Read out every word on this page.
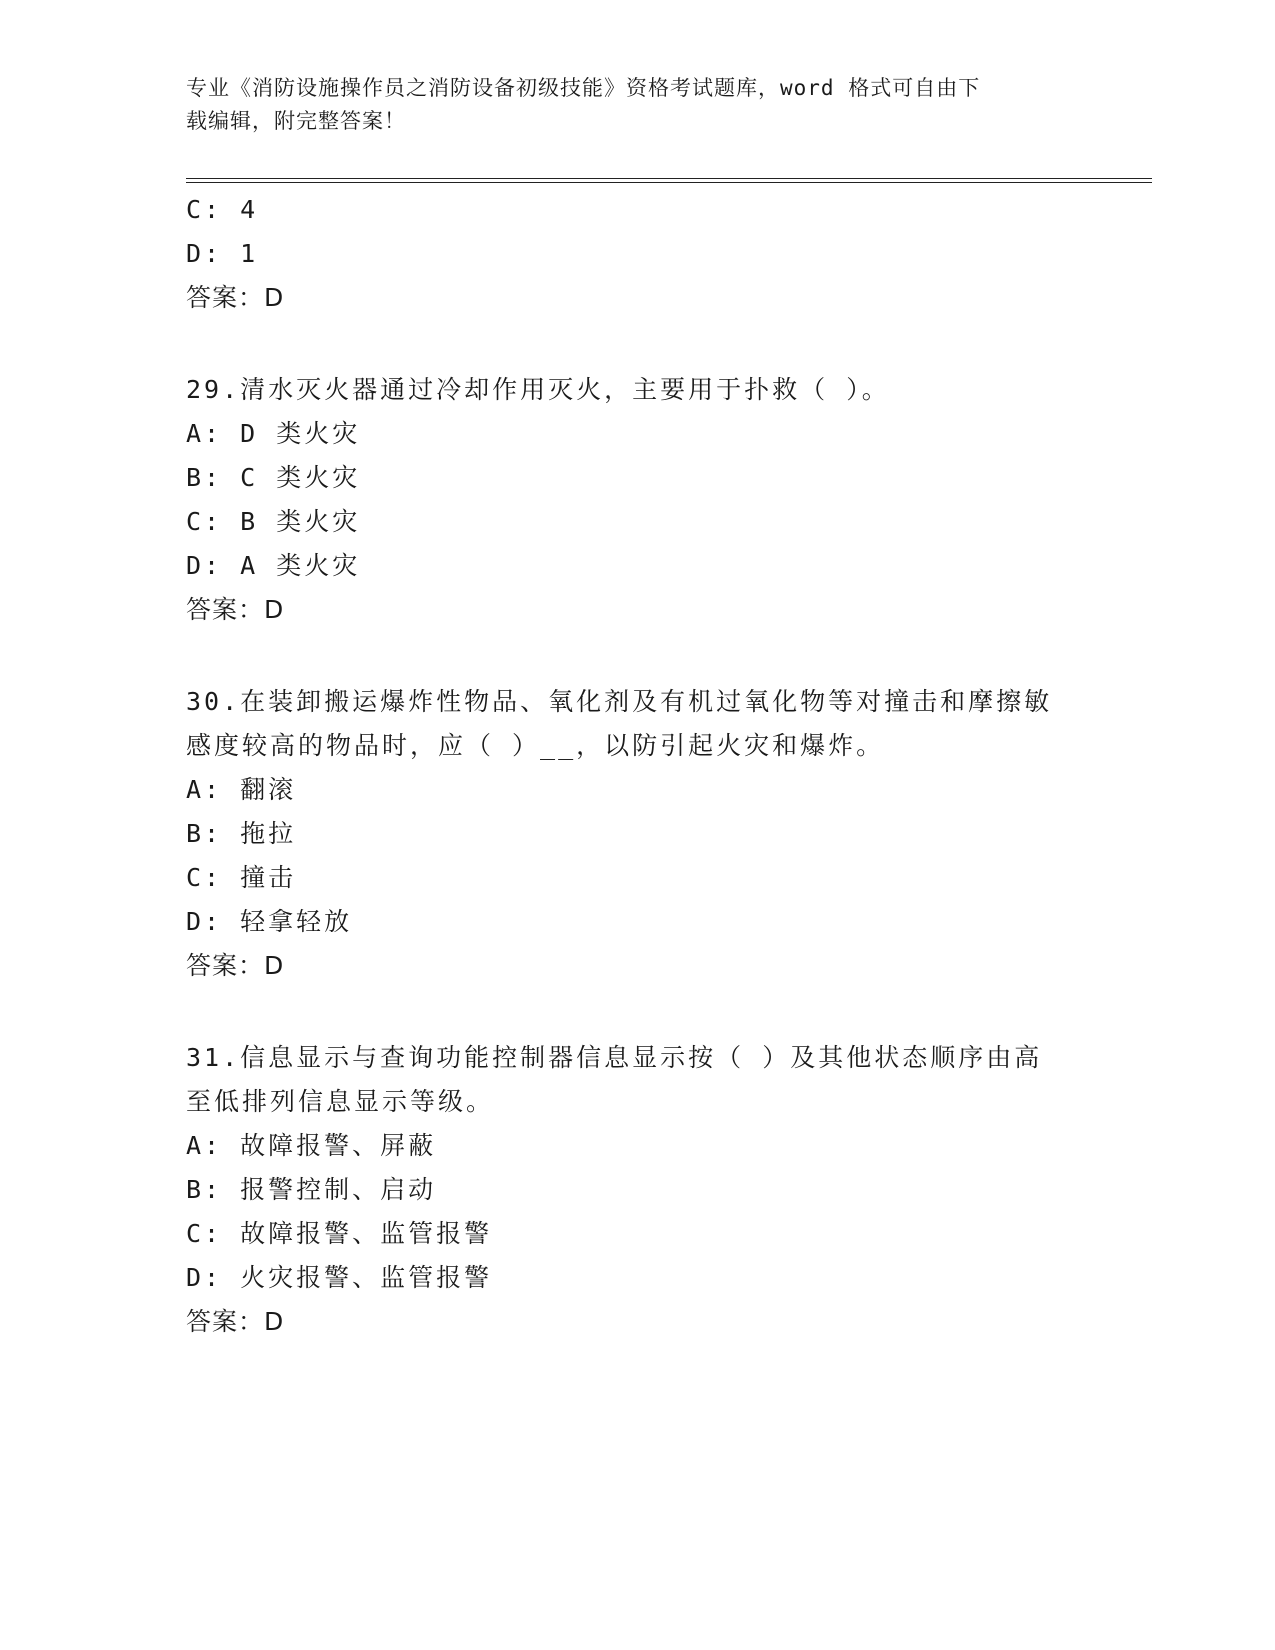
专业《消防设施操作员之消防设备初级技能》资格考试题库，word 格式可自由下
载编辑，附完整答案！
C: 4
D: 1
答案：D
29.清水灭火器通过冷却作用灭火，主要用于扑救（ ）。
A: D 类火灾
B: C 类火灾
C: B 类火灾
D: A 类火灾
答案：D
30.在装卸搬运爆炸性物品、氧化剂及有机过氧化物等对撞击和摩擦敏
感度较高的物品时，应（ ）__，以防引起火灾和爆炸。
A: 翻滚
B: 拖拉
C: 撞击
D: 轻拿轻放
答案：D
31.信息显示与查询功能控制器信息显示按（ ）及其他状态顺序由高
至低排列信息显示等级。
A: 故障报警、屏蔽
B: 报警控制、启动
C: 故障报警、监管报警
D: 火灾报警、监管报警
答案：D
